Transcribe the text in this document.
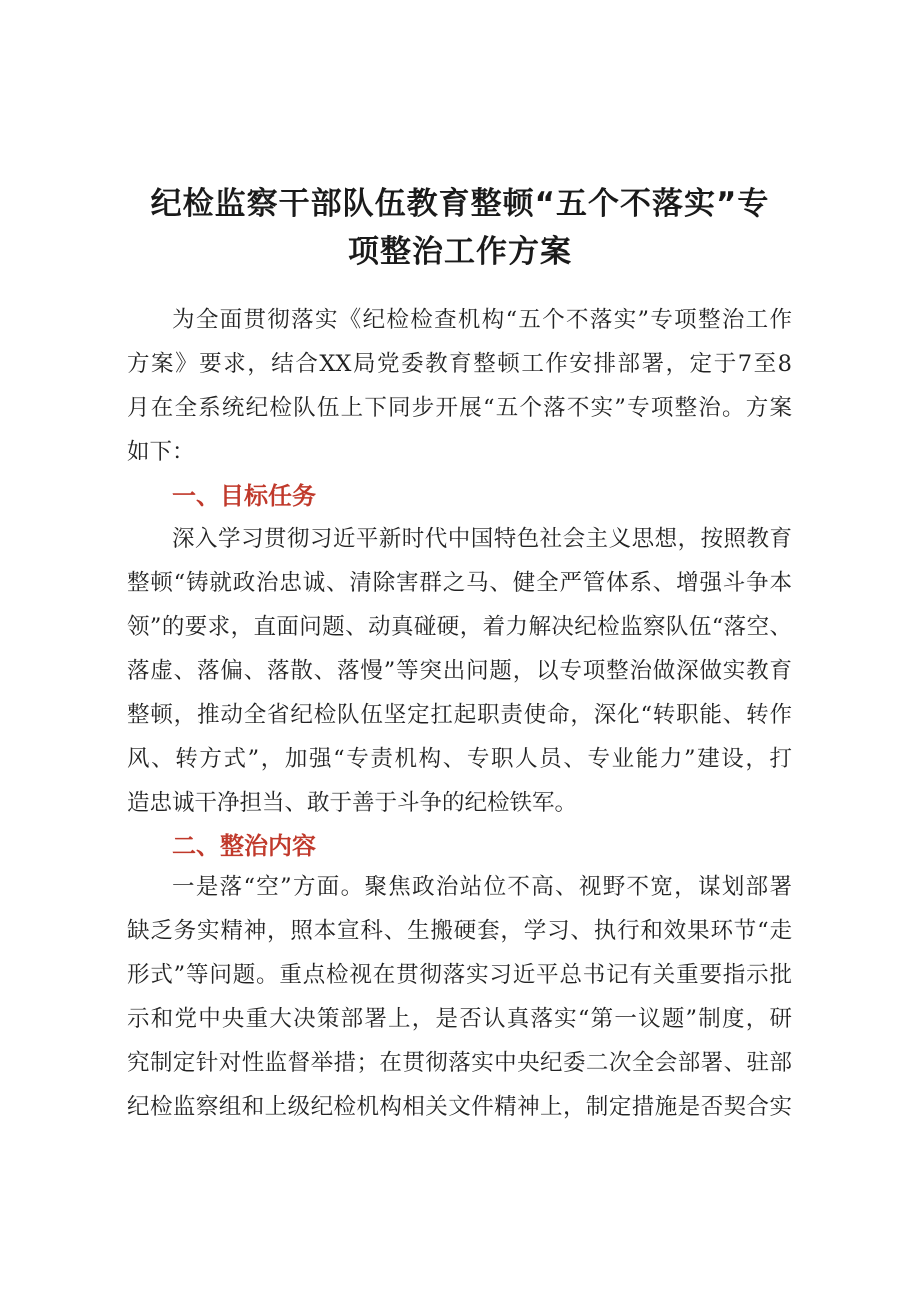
纪检监察干部队伍教育整顿“五个不落实”专
项整治工作方案
为全面贯彻落实《纪检检查机构“五个不落实”专项整治工作
方案》要求，结合XX局党委教育整顿工作安排部署，定于7至8
月在全系统纪检队伍上下同步开展“五个落不实”专项整治。方案
如下：
一、目标任务
深入学习贯彻习近平新时代中国特色社会主义思想，按照教育
整顿“铸就政治忠诚、清除害群之马、健全严管体系、增强斗争本
领”的要求，直面问题、动真碰硬，着力解决纪检监察队伍“落空、
落虚、落偏、落散、落慢”等突出问题，以专项整治做深做实教育
整顿，推动全省纪检队伍坚定扛起职责使命，深化“转职能、转作
风、转方式”，加强“专责机构、专职人员、专业能力”建设，打
造忠诚干净担当、敢于善于斗争的纪检铁军。
二、整治内容
一是落“空”方面。聚焦政治站位不高、视野不宽，谋划部署
缺乏务实精神，照本宣科、生搬硬套，学习、执行和效果环节“走
形式”等问题。重点检视在贯彻落实习近平总书记有关重要指示批
示和党中央重大决策部署上，是否认真落实“第一议题”制度，研
究制定针对性监督举措；在贯彻落实中央纪委二次全会部署、驻部
纪检监察组和上级纪检机构相关文件精神上，制定措施是否契合实
